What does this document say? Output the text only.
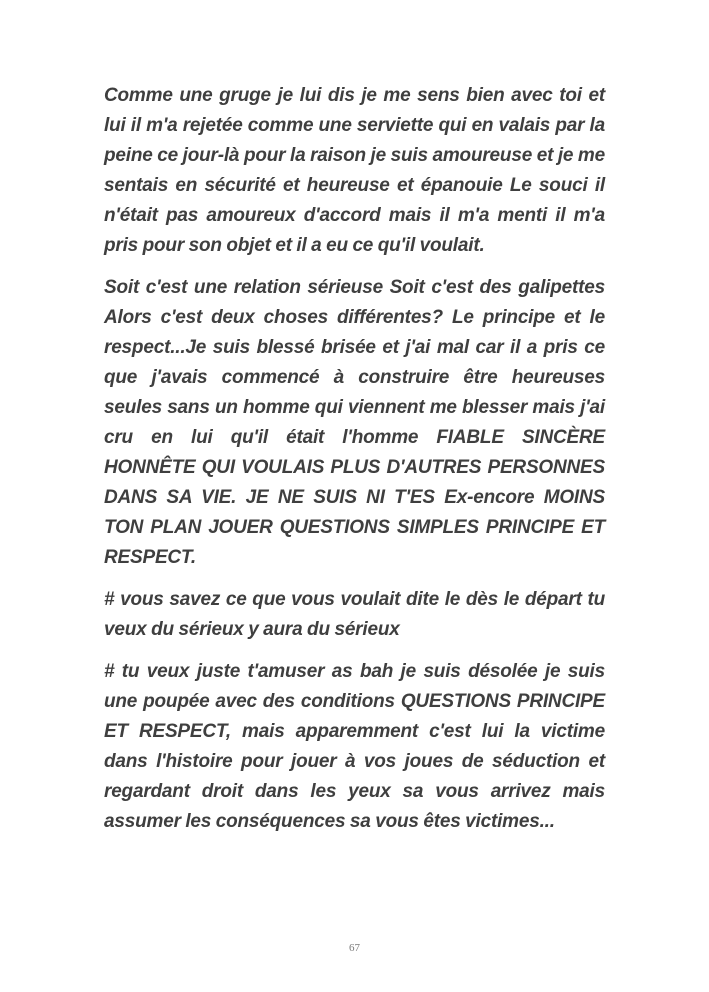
Comme une gruge je lui dis je me sens bien avec toi et lui il m'a rejetée comme une serviette qui en valais par la peine ce jour-là pour la raison je suis amoureuse et je me sentais en sécurité et heureuse et épanouie Le souci il n'était pas amoureux d'accord mais il m'a menti il m'a pris pour son objet et il a eu ce qu'il voulait.

Soit c'est une relation sérieuse Soit c'est des galipettes Alors c'est deux choses différentes? Le principe et le respect...Je suis blessé brisée et j'ai mal car il a pris ce que j'avais commencé à construire être heureuses seules sans un homme qui viennent me blesser mais j'ai cru en lui qu'il était l'homme FIABLE SINCÈRE HONNÊTE QUI VOULAIS PLUS D'AUTRES PERSONNES DANS SA VIE. JE NE SUIS NI T'ES Ex-encore MOINS TON PLAN JOUER QUESTIONS SIMPLES PRINCIPE ET RESPECT.

# vous savez ce que vous voulait dite le dès le départ tu veux du sérieux y aura du sérieux

# tu veux juste t'amuser as bah je suis désolée je suis une poupée avec des conditions QUESTIONS PRINCIPE ET RESPECT, mais apparemment c'est lui la victime dans l'histoire pour jouer à vos joues de séduction et regardant droit dans les yeux sa vous arrivez mais assumer les conséquences sa vous êtes victimes...

67
